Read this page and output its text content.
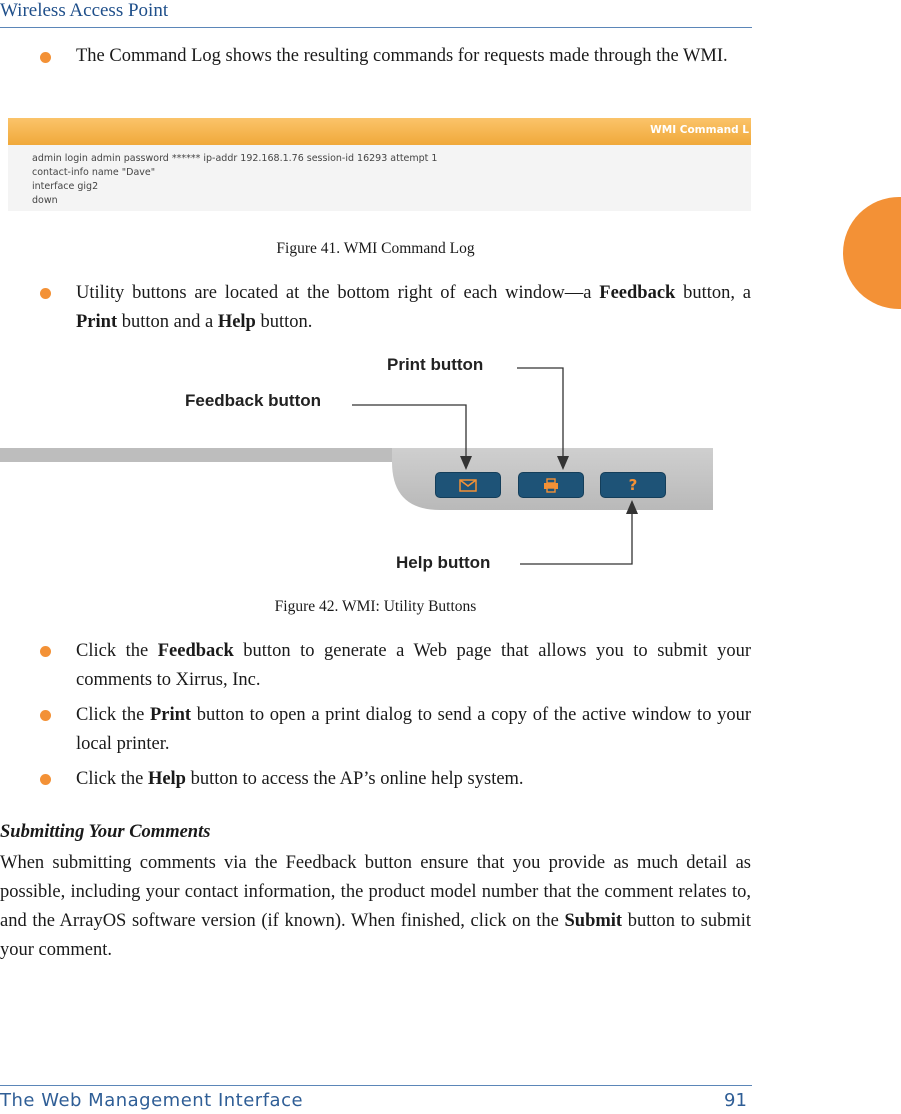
Wireless Access Point
The Command Log shows the resulting commands for requests made through the WMI.
WMI Command L
admin login admin password ****** ip-addr 192.168.1.76 session-id 16293 attempt 1
contact-info name "Dave"
interface gig2
down
Figure 41. WMI Command Log
Utility buttons are located at the bottom right of each window—a Feedback button, a Print button and a Help button.
Print button
Feedback button
Help button
?
Figure 42. WMI: Utility Buttons
Click the Feedback button to generate a Web page that allows you to submit your comments to Xirrus, Inc.
Click the Print button to open a print dialog to send a copy of the active window to your local printer.
Click the Help button to access the AP’s online help system.
Submitting Your Comments
When submitting comments via the Feedback button ensure that you provide as much detail as possible, including your contact information, the product model number that the comment relates to, and the ArrayOS software version (if known). When finished, click on the Submit button to submit your comment.
The Web Management Interface	91
